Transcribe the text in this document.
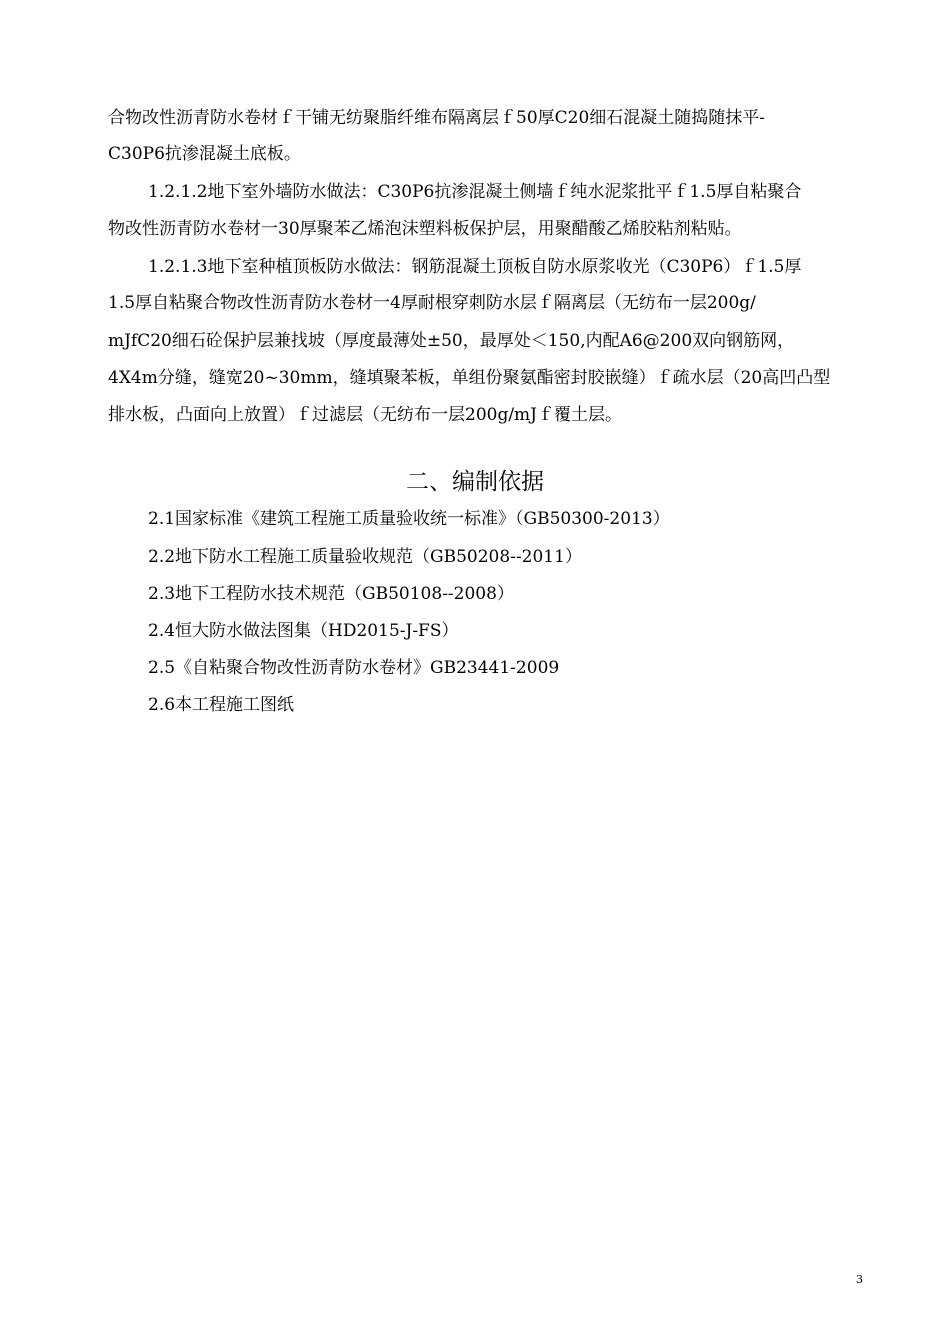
合物改性沥青防水卷材ｆ干铺无纺聚脂纤维布隔离层ｆ50厚C20细石混凝土随捣随抹平-
C30P6抗渗混凝土底板。
1.2.1.2地下室外墙防水做法：C30P6抗渗混凝土侧墙ｆ纯水泥浆批平ｆ1.5厚自粘聚合
物改性沥青防水卷材一30厚聚苯乙烯泡沫塑料板保护层，用聚醋酸乙烯胶粘剂粘贴。
1.2.1.3地下室种植顶板防水做法：钢筋混凝土顶板自防水原浆收光（C30P6）ｆ1.5厚
1.5厚自粘聚合物改性沥青防水卷材一4厚耐根穿刺防水层ｆ隔离层（无纺布一层200g/
mJfC20细石砼保护层兼找坡（厚度最薄处±50，最厚处＜150,内配A6@200双向钢筋网，
4X4m分缝，缝宽20~30mm，缝填聚苯板，单组份聚氨酯密封胶嵌缝）ｆ疏水层（20高凹凸型
排水板，凸面向上放置）ｆ过滤层（无纺布一层200g/mJｆ覆土层。
二、编制依据
2.1国家标准《建筑工程施工质量验收统一标准》（GB50300-2013）
2.2地下防水工程施工质量验收规范（GB50208--2011）
2.3地下工程防水技术规范（GB50108--2008）
2.4恒大防水做法图集（HD2015-J-FS）
2.5《自粘聚合物改性沥青防水卷材》GB23441-2009
2.6本工程施工图纸
3
